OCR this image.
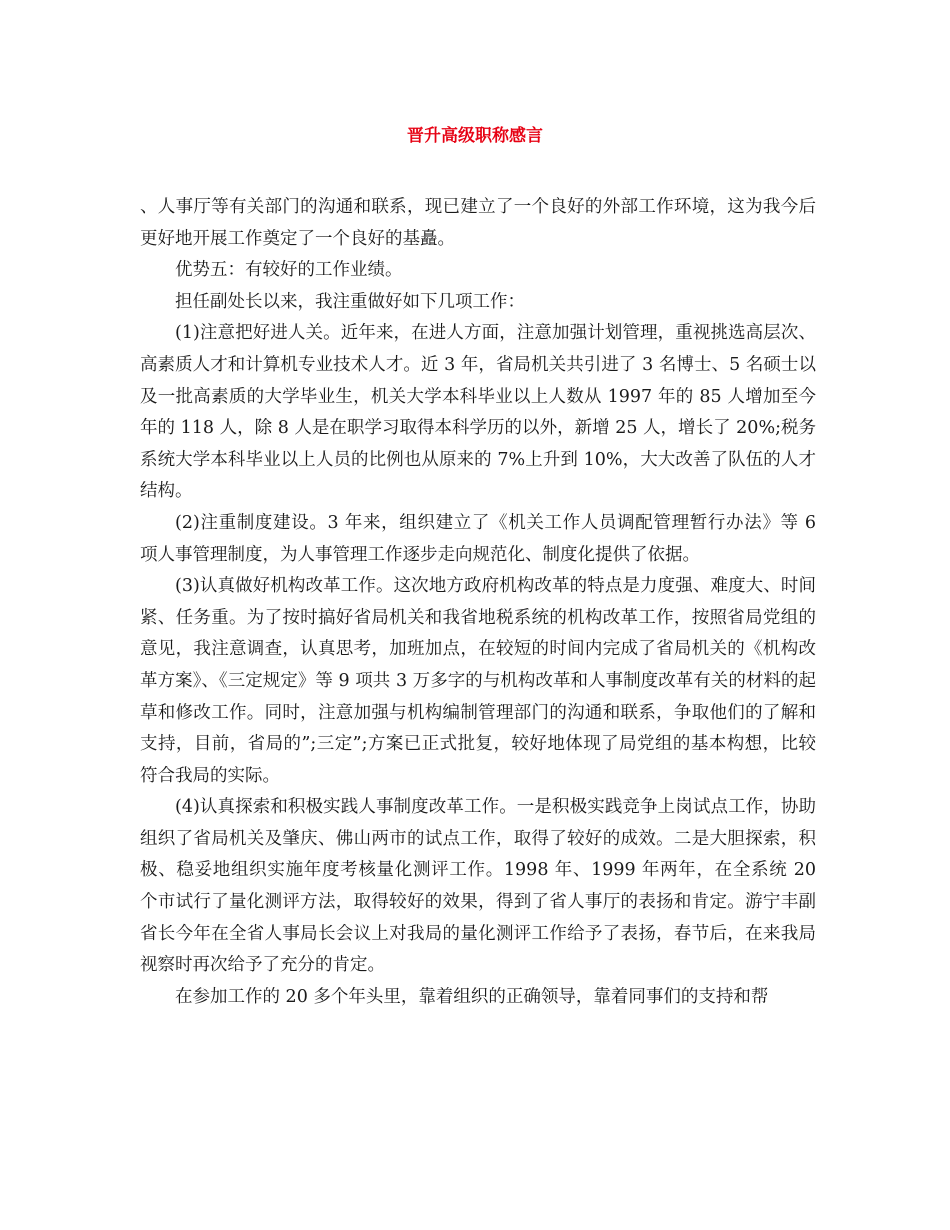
晋升高级职称感言

、人事厅等有关部门的沟通和联系，现已建立了一个良好的外部工作环境，这为我今后更好地开展工作奠定了一个良好的基矗。

优势五：有较好的工作业绩。

担任副处长以来，我注重做好如下几项工作：

(1)注意把好进人关。近年来，在进人方面，注意加强计划管理，重视挑选高层次、高素质人才和计算机专业技术人才。近 3 年，省局机关共引进了 3 名博士、5 名硕士以及一批高素质的大学毕业生，机关大学本科毕业以上人数从 1997 年的 85 人增加至今年的 118 人，除 8 人是在职学习取得本科学历的以外，新增 25 人，增长了 20%;税务系统大学本科毕业以上人员的比例也从原来的 7%上升到 10%，大大改善了队伍的人才结构。

(2)注重制度建设。3 年来，组织建立了《机关工作人员调配管理暂行办法》等 6 项人事管理制度，为人事管理工作逐步走向规范化、制度化提供了依据。

(3)认真做好机构改革工作。这次地方政府机构改革的特点是力度强、难度大、时间紧、任务重。为了按时搞好省局机关和我省地税系统的机构改革工作，按照省局党组的意见，我注意调查，认真思考，加班加点，在较短的时间内完成了省局机关的《机构改革方案》、《三定规定》等 9 项共 3 万多字的与机构改革和人事制度改革有关的材料的起草和修改工作。同时，注意加强与机构编制管理部门的沟通和联系，争取他们的了解和支持，目前，省局的”;三定”;方案已正式批复，较好地体现了局党组的基本构想，比较符合我局的实际。

(4)认真探索和积极实践人事制度改革工作。一是积极实践竞争上岗试点工作，协助组织了省局机关及肇庆、佛山两市的试点工作，取得了较好的成效。二是大胆探索，积极、稳妥地组织实施年度考核量化测评工作。1998 年、1999 年两年，在全系统 20 个市试行了量化测评方法，取得较好的效果，得到了省人事厅的表扬和肯定。游宁丰副省长今年在全省人事局长会议上对我局的量化测评工作给予了表扬，春节后，在来我局视察时再次给予了充分的肯定。

在参加工作的 20 多个年头里，靠着组织的正确领导，靠着同事们的支持和帮
